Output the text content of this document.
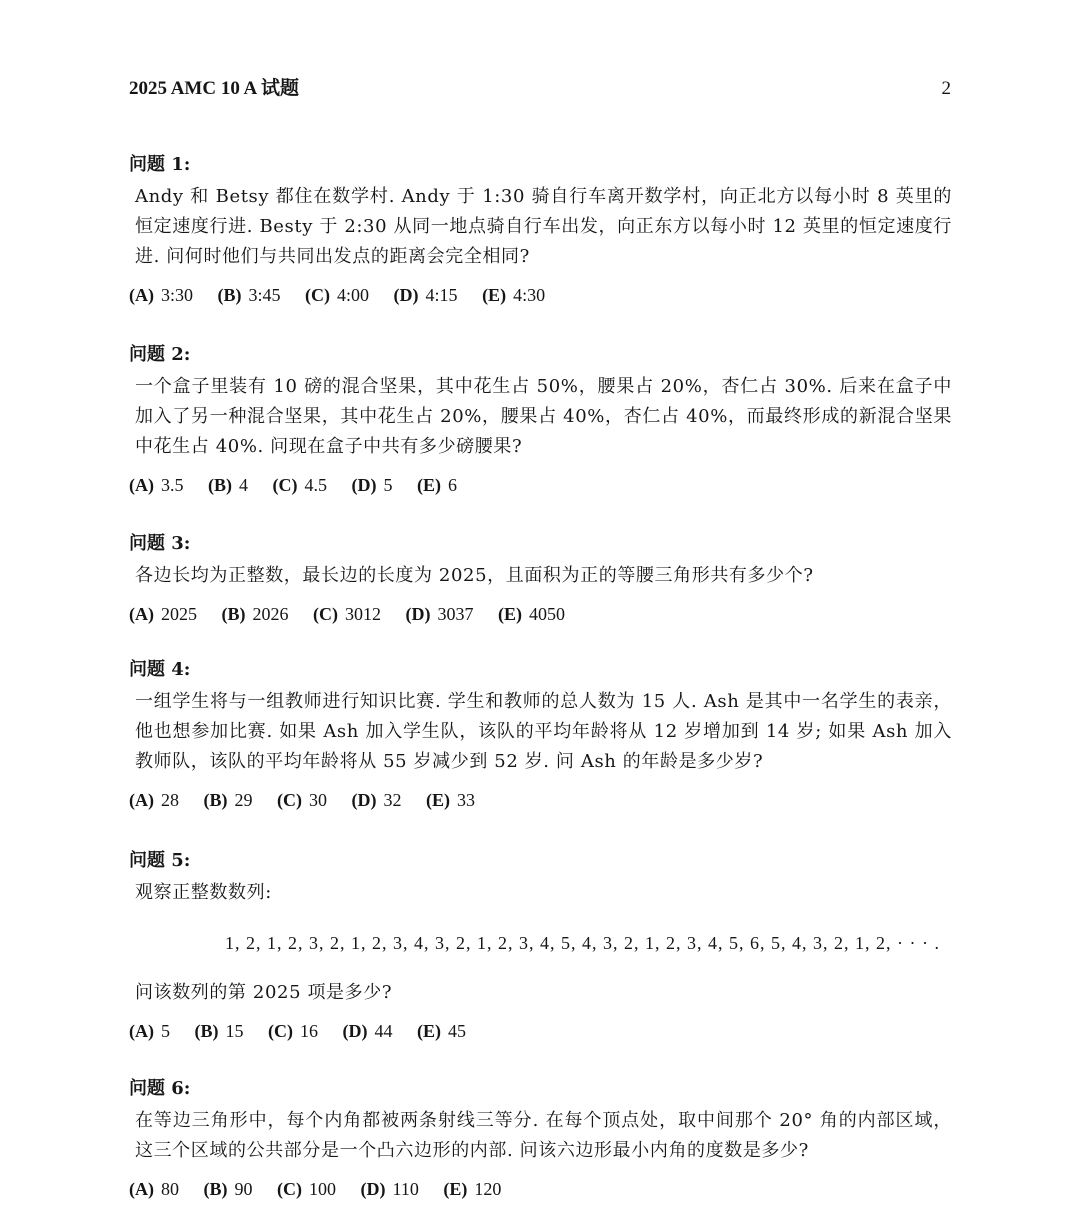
2025 AMC 10 A 试题	2
问题 1:
Andy 和 Betsy 都住在数学村. Andy 于 1:30 骑自行车离开数学村，向正北方以每小时 8 英里的恒定速度行进. Besty 于 2:30 从同一地点骑自行车出发，向正东方以每小时 12 英里的恒定速度行进. 问何时他们与共同出发点的距离会完全相同?
(A) 3:30 (B) 3:45 (C) 4:00 (D) 4:15 (E) 4:30
问题 2:
一个盒子里装有 10 磅的混合坚果，其中花生占 50%，腰果占 20%，杏仁占 30%. 后来在盒子中加入了另一种混合坚果，其中花生占 20%，腰果占 40%，杏仁占 40%，而最终形成的新混合坚果中花生占 40%. 问现在盒子中共有多少磅腰果?
(A) 3.5 (B) 4 (C) 4.5 (D) 5 (E) 6
问题 3:
各边长均为正整数，最长边的长度为 2025，且面积为正的等腰三角形共有多少个?
(A) 2025 (B) 2026 (C) 3012 (D) 3037 (E) 4050
问题 4:
一组学生将与一组教师进行知识比赛. 学生和教师的总人数为 15 人. Ash 是其中一名学生的表亲，他也想参加比赛. 如果 Ash 加入学生队，该队的平均年龄将从 12 岁增加到 14 岁; 如果 Ash 加入教师队，该队的平均年龄将从 55 岁减少到 52 岁. 问 Ash 的年龄是多少岁?
(A) 28 (B) 29 (C) 30 (D) 32 (E) 33
问题 5:
观察正整数数列:
1, 2, 1, 2, 3, 2, 1, 2, 3, 4, 3, 2, 1, 2, 3, 4, 5, 4, 3, 2, 1, 2, 3, 4, 5, 6, 5, 4, 3, 2, 1, 2, · · · .
问该数列的第 2025 项是多少?
(A) 5 (B) 15 (C) 16 (D) 44 (E) 45
问题 6:
在等边三角形中，每个内角都被两条射线三等分. 在每个顶点处，取中间那个 20° 角的内部区域，这三个区域的公共部分是一个凸六边形的内部. 问该六边形最小内角的度数是多少?
(A) 80 (B) 90 (C) 100 (D) 110 (E) 120
